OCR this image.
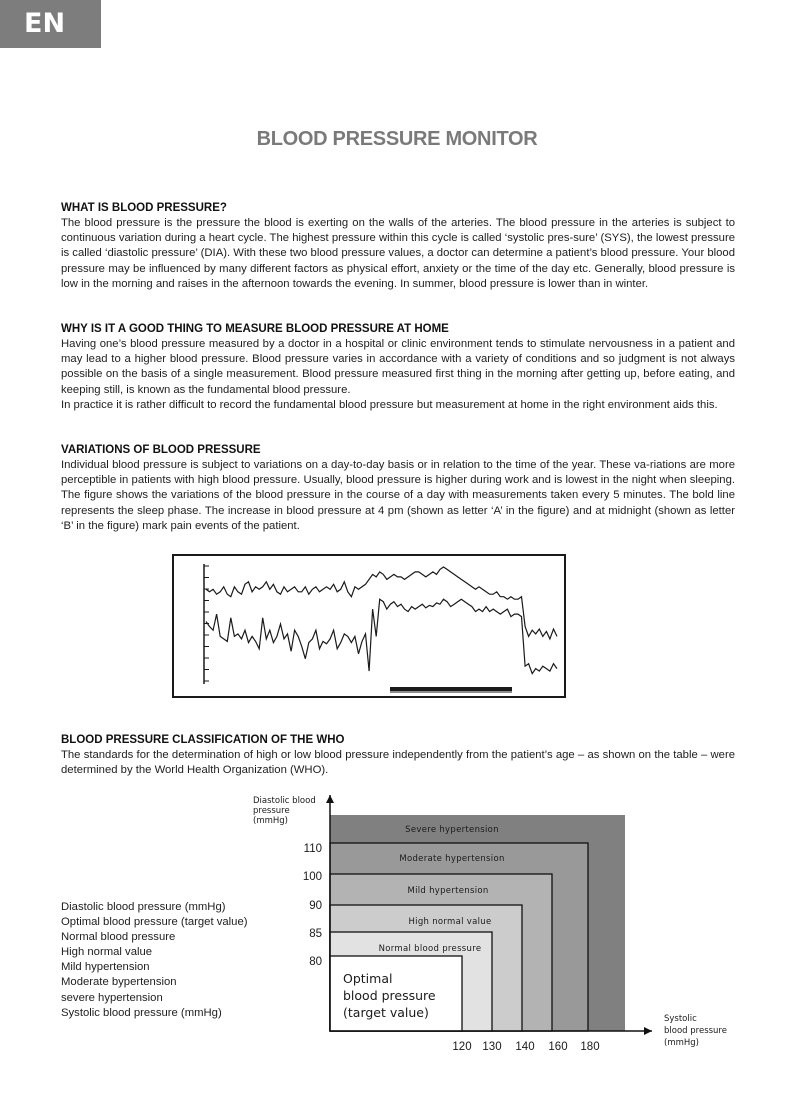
EN
BLOOD PRESSURE MONITOR
WHAT IS BLOOD PRESSURE?

The blood pressure is the pressure the blood is exerting on the walls of the arteries. The blood pressure in the arteries is subject to continuous variation during a heart cycle. The highest pressure within this cycle is called ‘systolic pres-sure’ (SYS), the lowest pressure is called ‘diastolic pressure’ (DIA). With these two blood pressure values, a doctor can determine a patient’s blood pressure. Your blood pressure may be influenced by many different factors as physical effort, anxiety or the time of the day etc. Generally, blood pressure is low in the morning and raises in the afternoon towards the evening. In summer, blood pressure is lower than in winter.

WHY IS IT A GOOD THING TO MEASURE BLOOD PRESSURE AT HOME

Having one’s blood pressure measured by a doctor in a hospital or clinic environment tends to stimulate nervousness in a patient and may lead to a higher blood pressure. Blood pressure varies in accordance with a variety of conditions and so judgment is not always possible on the basis of a single measurement. Blood pressure measured first thing in the morning after getting up, before eating, and keeping still, is known as the fundamental blood pressure.

In practice it is rather difficult to record the fundamental blood pressure but measurement at home in the right environment aids this.

VARIATIONS OF BLOOD PRESSURE

Individual blood pressure is subject to variations on a day-to-day basis or in relation to the time of the year. These va-riations are more perceptible in patients with high blood pressure. Usually, blood pressure is higher during work and is lowest in the night when sleeping. The figure shows the variations of the blood pressure in the course of a day with measurements taken every 5 minutes. The bold line represents the sleep phase. The increase in blood pressure at 4 pm (shown as letter ‘A’ in the figure) and at midnight (shown as letter ‘B’ in the figure) mark pain events of the patient.

BLOOD PRESSURE CLASSIFICATION OF THE WHO

The standards for the determination of high or low blood pressure independently from the patient’s age – as shown on the table – were determined by the World Health Organization (WHO).

Diastolic blood pressure (mmHg)
Optimal blood pressure (target value)
Normal blood pressure
High normal value
Mild hypertension
Moderate bypertension
severe hypertension
Systolic blood pressure (mmHg)
Severe hypertension
Moderate hypertension
Mild hypertension
High normal value
Normal blood pressure
Optimal
blood pressure
(target value)
80
85
90
100
110
120 130 140 160 180
Diastolic blood
pressure
(mmHg)
Systolic
blood pressure
(mmHg)
